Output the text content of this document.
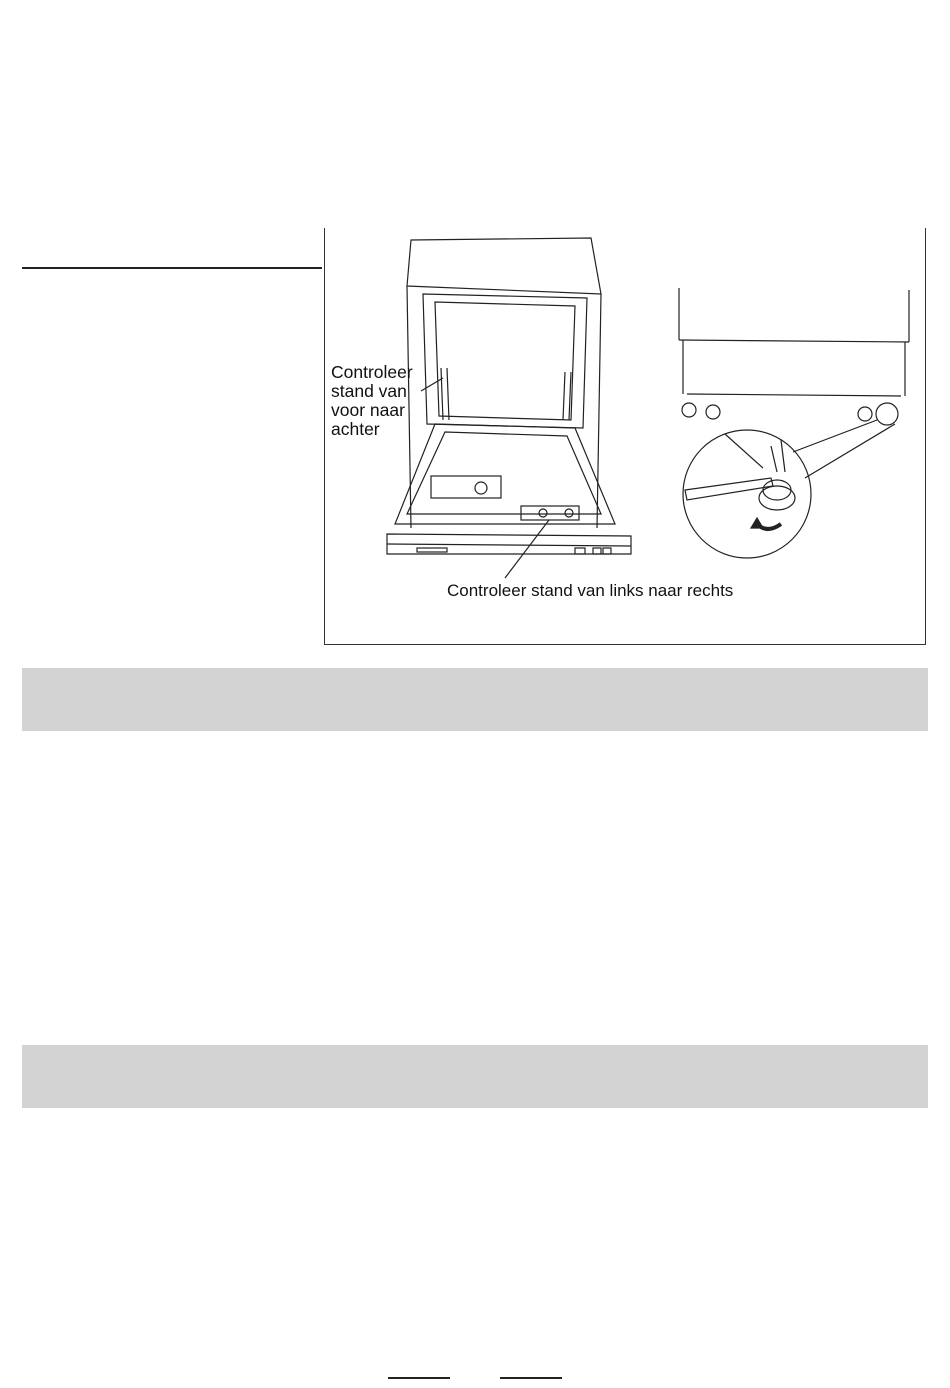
Controleer
stand van
voor naar
achter
Controleer stand van links naar rechts
